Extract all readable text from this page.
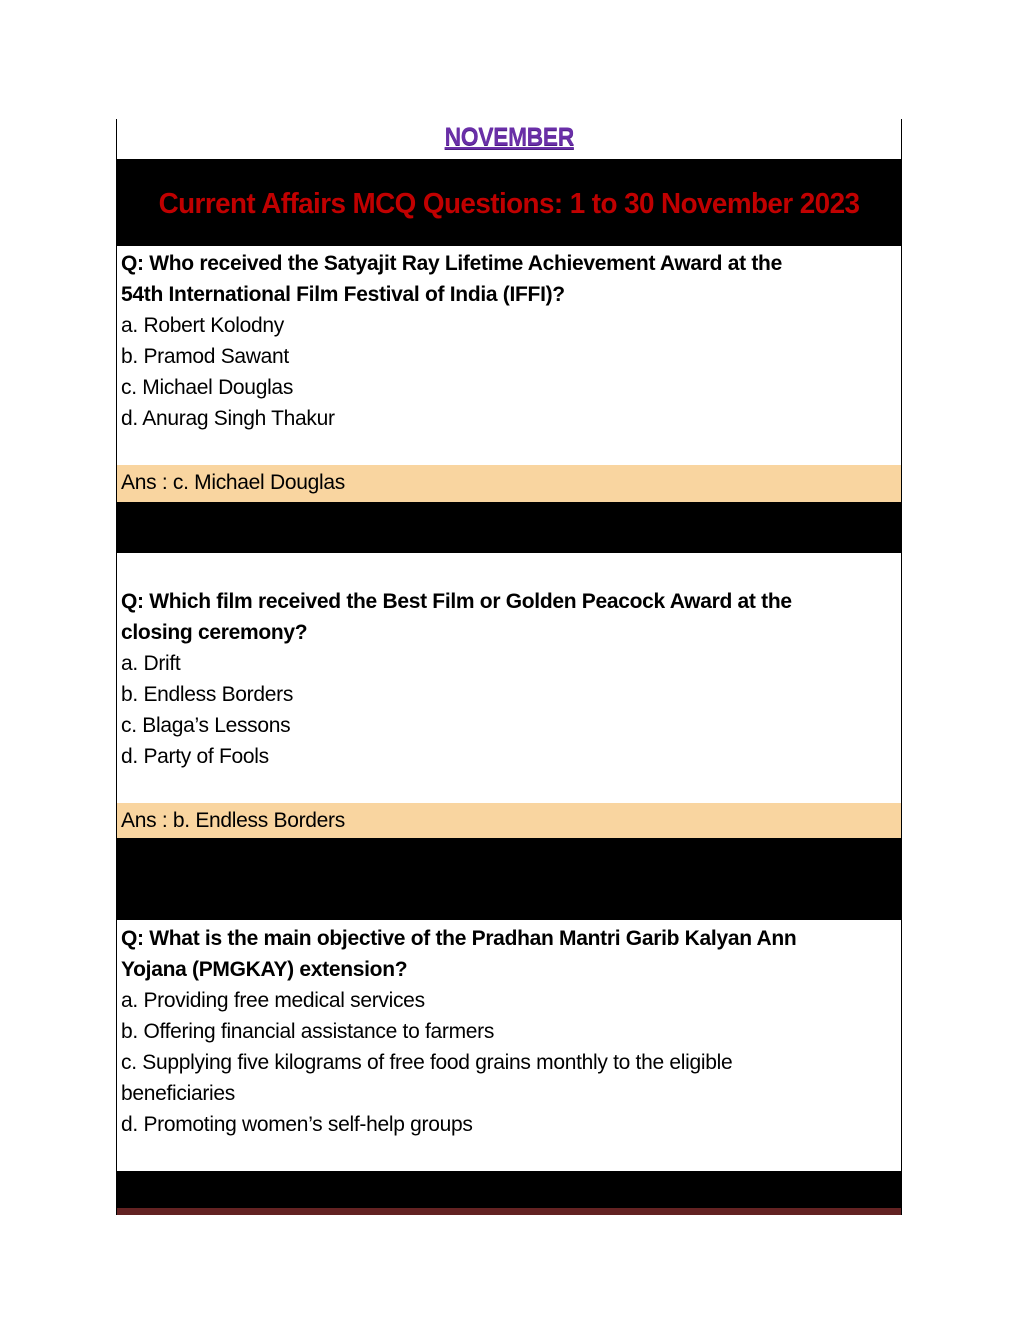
NOVEMBER
Current Affairs MCQ Questions: 1 to 30 November 2023

Q: Who received the Satyajit Ray Lifetime Achievement Award at the

54th International Film Festival of India (IFFI)?

a. Robert Kolodny

b. Pramod Sawant

c. Michael Douglas

d. Anurag Singh Thakur

Ans : c. Michael Douglas

Q: Which film received the Best Film or Golden Peacock Award at the

closing ceremony?

a. Drift

b. Endless Borders

c. Blaga’s Lessons

d. Party of Fools

Ans : b. Endless Borders

Q: What is the main objective of the Pradhan Mantri Garib Kalyan Ann

Yojana (PMGKAY) extension?

a. Providing free medical services

b. Offering financial assistance to farmers

c. Supplying five kilograms of free food grains monthly to the eligible

beneficiaries

d. Promoting women’s self-help groups
